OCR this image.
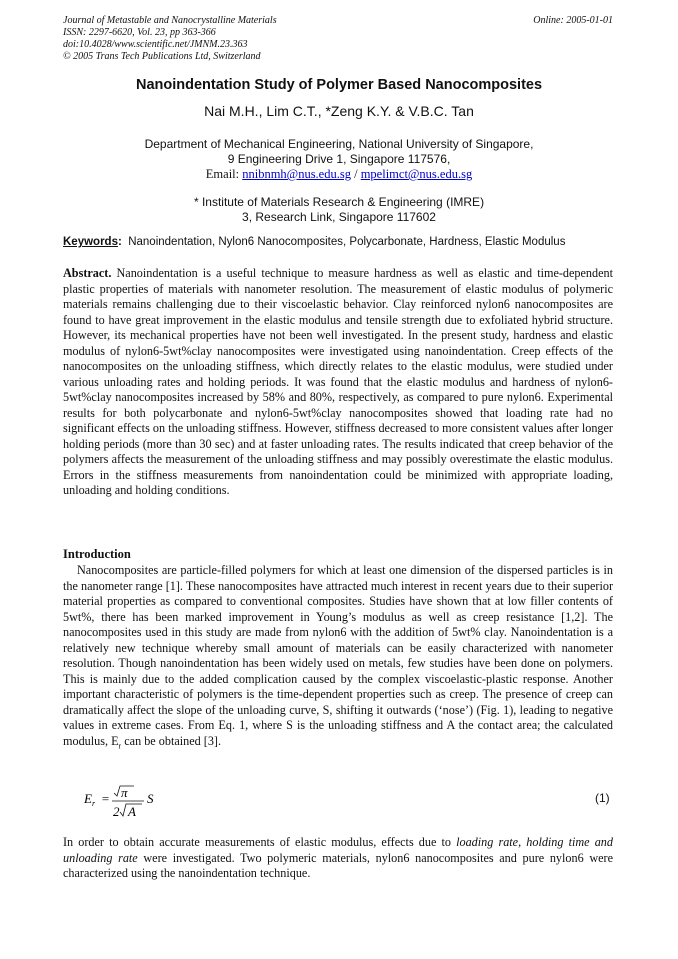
Journal of Metastable and Nanocrystalline Materials
ISSN: 2297-6620, Vol. 23, pp 363-366
doi:10.4028/www.scientific.net/JMNM.23.363
© 2005 Trans Tech Publications Ltd, Switzerland
Online: 2005-01-01
Nanoindentation Study of Polymer Based Nanocomposites
Nai M.H., Lim C.T., *Zeng K.Y. & V.B.C. Tan
Department of Mechanical Engineering, National University of Singapore,
9 Engineering Drive 1, Singapore 117576,
Email: nnibnmh@nus.edu.sg / mpelimct@nus.edu.sg
* Institute of Materials Research & Engineering (IMRE)
3, Research Link, Singapore 117602
Keywords: Nanoindentation, Nylon6 Nanocomposites, Polycarbonate, Hardness, Elastic Modulus
Abstract. Nanoindentation is a useful technique to measure hardness as well as elastic and time-dependent plastic properties of materials with nanometer resolution. The measurement of elastic modulus of polymeric materials remains challenging due to their viscoelastic behavior. Clay reinforced nylon6 nanocomposites are found to have great improvement in the elastic modulus and tensile strength due to exfoliated hybrid structure. However, its mechanical properties have not been well investigated. In the present study, hardness and elastic modulus of nylon6-5wt%clay nanocomposites were investigated using nanoindentation. Creep effects of the nanocomposites on the unloading stiffness, which directly relates to the elastic modulus, were studied under various unloading rates and holding periods. It was found that the elastic modulus and hardness of nylon6-5wt%clay nanocomposites increased by 58% and 80%, respectively, as compared to pure nylon6. Experimental results for both polycarbonate and nylon6-5wt%clay nanocomposites showed that loading rate had no significant effects on the unloading stiffness. However, stiffness decreased to more consistent values after longer holding periods (more than 30 sec) and at faster unloading rates. The results indicated that creep behavior of the polymers affects the measurement of the unloading stiffness and may possibly overestimate the elastic modulus. Errors in the stiffness measurements from nanoindentation could be minimized with appropriate loading, unloading and holding conditions.
Introduction
Nanocomposites are particle-filled polymers for which at least one dimension of the dispersed particles is in the nanometer range [1]. These nanocomposites have attracted much interest in recent years due to their superior material properties as compared to conventional composites. Studies have shown that at low filler contents of 5wt%, there has been marked improvement in Young’s modulus as well as creep resistance [1,2]. The nanocomposites used in this study are made from nylon6 with the addition of 5wt% clay. Nanoindentation is a relatively new technique whereby small amount of materials can be easily characterized with nanometer resolution. Though nanoindentation has been widely used on metals, few studies have been done on polymers. This is mainly due to the added complication caused by the complex viscoelastic-plastic response. Another important characteristic of polymers is the time-dependent properties such as creep. The presence of creep can dramatically affect the slope of the unloading curve, S, shifting it outwards (‘nose’) (Fig. 1), leading to negative values in extreme cases. From Eq. 1, where S is the unloading stiffness and A the contact area; the calculated modulus, $E_r$ can be obtained [3].
E r = π
2 A
S	(1)
In order to obtain accurate measurements of elastic modulus, effects due to loading rate, holding time and unloading rate were investigated. Two polymeric materials, nylon6 nanocomposites and pure nylon6 were characterized using the nanoindentation technique.
